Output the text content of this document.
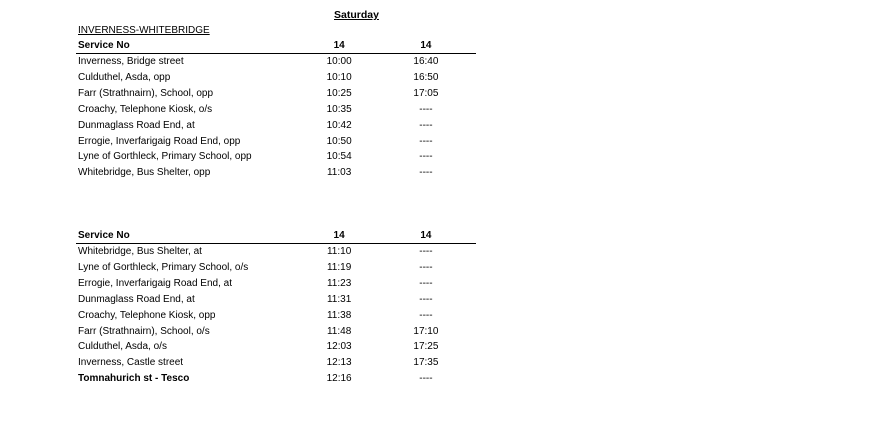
Saturday
INVERNESS-WHITEBRIDGE
Service No	14	14
Inverness, Bridge street	10:00	16:40
Culduthel, Asda, opp	10:10	16:50
Farr (Strathnairn), School, opp	10:25	17:05
Croachy, Telephone Kiosk, o/s	10:35	----
Dunmaglass Road End, at	10:42	----
Errogie, Inverfarigaig Road End, opp	10:50	----
Lyne of Gorthleck, Primary School, opp	10:54	----
Whitebridge, Bus Shelter, opp	11:03	----
Service No	14	14
Whitebridge, Bus Shelter, at	11:10	----
Lyne of Gorthleck, Primary School, o/s	11:19	----
Errogie, Inverfarigaig Road End, at	11:23	----
Dunmaglass Road End, at	11:31	----
Croachy, Telephone Kiosk, opp	11:38	----
Farr (Strathnairn), School, o/s	11:48	17:10
Culduthel, Asda, o/s	12:03	17:25
Inverness, Castle street	12:13	17:35
Tomnahurich st - Tesco	12:16	----
